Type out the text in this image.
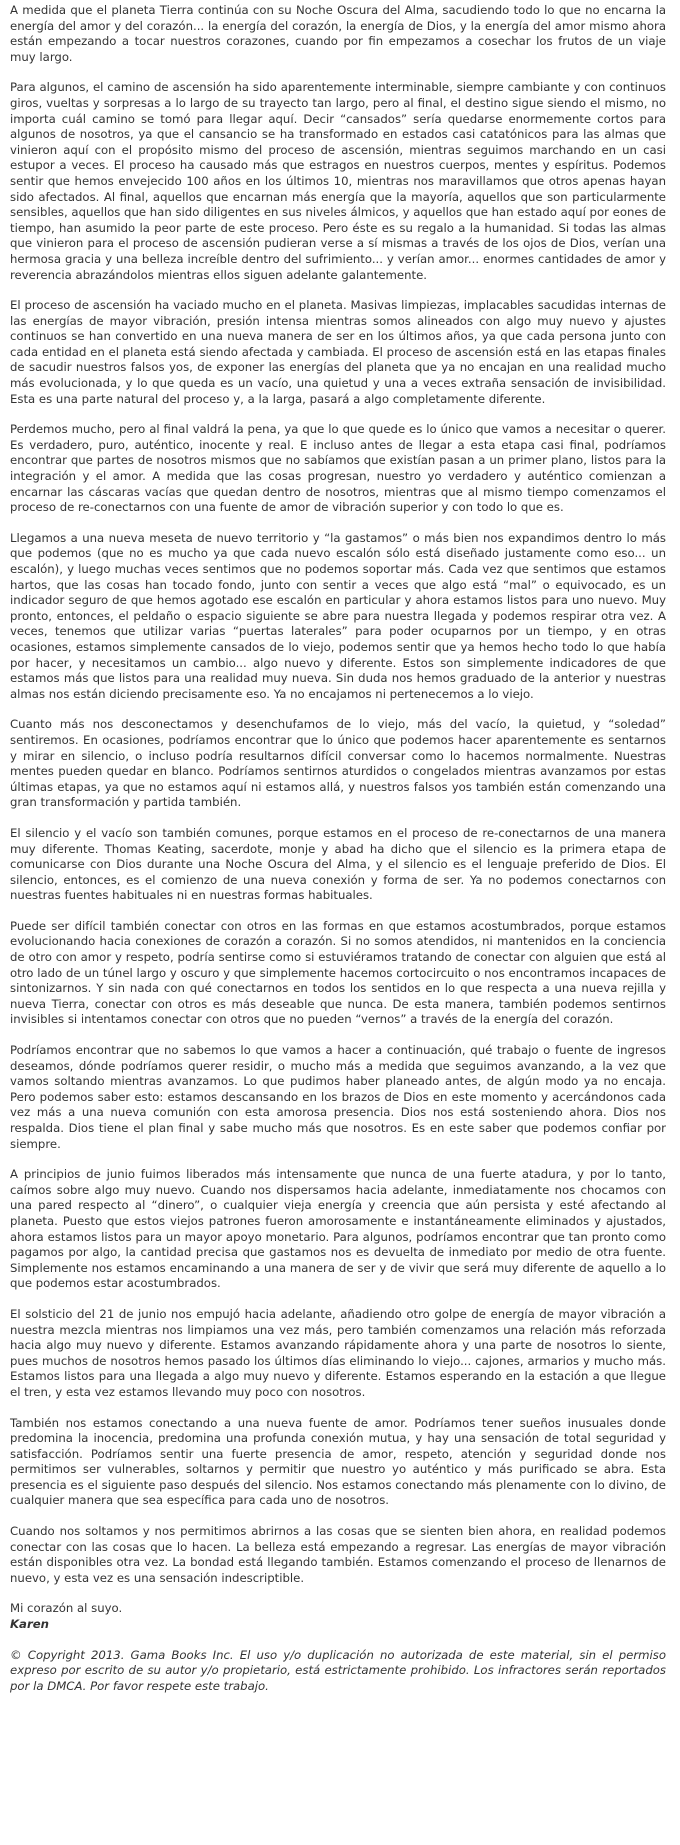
A medida que el planeta Tierra continúa con su Noche Oscura del Alma, sacudiendo todo lo que no encarna la energía del amor y del corazón... la energía del corazón, la energía de Dios, y la energía del amor mismo ahora están empezando a tocar nuestros corazones, cuando por fin empezamos a cosechar los frutos de un viaje muy largo.

Para algunos, el camino de ascensión ha sido aparentemente interminable, siempre cambiante y con continuos giros, vueltas y sorpresas a lo largo de su trayecto tan largo, pero al final, el destino sigue siendo el mismo, no importa cuál camino se tomó para llegar aquí. Decir “cansados” sería quedarse enormemente cortos para algunos de nosotros, ya que el cansancio se ha transformado en estados casi catatónicos para las almas que vinieron aquí con el propósito mismo del proceso de ascensión, mientras seguimos marchando en un casi estupor a veces. El proceso ha causado más que estragos en nuestros cuerpos, mentes y espíritus. Podemos sentir que hemos envejecido 100 años en los últimos 10, mientras nos maravillamos que otros apenas hayan sido afectados. Al final, aquellos que encarnan más energía que la mayoría, aquellos que son particularmente sensibles, aquellos que han sido diligentes en sus niveles álmicos, y aquellos que han estado aquí por eones de tiempo, han asumido la peor parte de este proceso. Pero éste es su regalo a la humanidad. Si todas las almas que vinieron para el proceso de ascensión pudieran verse a sí mismas a través de los ojos de Dios, verían una hermosa gracia y una belleza increíble dentro del sufrimiento... y verían amor... enormes cantidades de amor y reverencia abrazándolos mientras ellos siguen adelante galantemente.

El proceso de ascensión ha vaciado mucho en el planeta. Masivas limpiezas, implacables sacudidas internas de las energías de mayor vibración, presión intensa mientras somos alineados con algo muy nuevo y ajustes continuos se han convertido en una nueva manera de ser en los últimos años, ya que cada persona junto con cada entidad en el planeta está siendo afectada y cambiada. El proceso de ascensión está en las etapas finales de sacudir nuestros falsos yos, de exponer las energías del planeta que ya no encajan en una realidad mucho más evolucionada, y lo que queda es un vacío, una quietud y una a veces extraña sensación de invisibilidad. Esta es una parte natural del proceso y, a la larga, pasará a algo completamente diferente.

Perdemos mucho, pero al final valdrá la pena, ya que lo que quede es lo único que vamos a necesitar o querer. Es verdadero, puro, auténtico, inocente y real. E incluso antes de llegar a esta etapa casi final, podríamos encontrar que partes de nosotros mismos que no sabíamos que existían pasan a un primer plano, listos para la integración y el amor. A medida que las cosas progresan, nuestro yo verdadero y auténtico comienzan a encarnar las cáscaras vacías que quedan dentro de nosotros, mientras que al mismo tiempo comenzamos el proceso de re-conectarnos con una fuente de amor de vibración superior y con todo lo que es.

Llegamos a una nueva meseta de nuevo territorio y “la gastamos” o más bien nos expandimos dentro lo más que podemos (que no es mucho ya que cada nuevo escalón sólo está diseñado justamente como eso... un escalón), y luego muchas veces sentimos que no podemos soportar más. Cada vez que sentimos que estamos hartos, que las cosas han tocado fondo, junto con sentir a veces que algo está “mal” o equivocado, es un indicador seguro de que hemos agotado ese escalón en particular y ahora estamos listos para uno nuevo. Muy pronto, entonces, el peldaño o espacio siguiente se abre para nuestra llegada y podemos respirar otra vez. A veces, tenemos que utilizar varias “puertas laterales” para poder ocuparnos por un tiempo, y en otras ocasiones, estamos simplemente cansados de lo viejo, podemos sentir que ya hemos hecho todo lo que había por hacer, y necesitamos un cambio... algo nuevo y diferente. Estos son simplemente indicadores de que estamos más que listos para una realidad muy nueva. Sin duda nos hemos graduado de la anterior y nuestras almas nos están diciendo precisamente eso. Ya no encajamos ni pertenecemos a lo viejo.

Cuanto más nos desconectamos y desenchufamos de lo viejo, más del vacío, la quietud, y “soledad” sentiremos. En ocasiones, podríamos encontrar que lo único que podemos hacer aparentemente es sentarnos y mirar en silencio, o incluso podría resultarnos difícil conversar como lo hacemos normalmente. Nuestras mentes pueden quedar en blanco. Podríamos sentirnos aturdidos o congelados mientras avanzamos por estas últimas etapas, ya que no estamos aquí ni estamos allá, y nuestros falsos yos también están comenzando una gran transformación y partida también.

El silencio y el vacío son también comunes, porque estamos en el proceso de re-conectarnos de una manera muy diferente. Thomas Keating, sacerdote, monje y abad ha dicho que el silencio es la primera etapa de comunicarse con Dios durante una Noche Oscura del Alma, y el silencio es el lenguaje preferido de Dios. El silencio, entonces, es el comienzo de una nueva conexión y forma de ser. Ya no podemos conectarnos con nuestras fuentes habituales ni en nuestras formas habituales.

Puede ser difícil también conectar con otros en las formas en que estamos acostumbrados, porque estamos evolucionando hacia conexiones de corazón a corazón. Si no somos atendidos, ni mantenidos en la conciencia de otro con amor y respeto, podría sentirse como si estuviéramos tratando de conectar con alguien que está al otro lado de un túnel largo y oscuro y que simplemente hacemos cortocircuito o nos encontramos incapaces de sintonizarnos. Y sin nada con qué conectarnos en todos los sentidos en lo que respecta a una nueva rejilla y nueva Tierra, conectar con otros es más deseable que nunca. De esta manera, también podemos sentirnos invisibles si intentamos conectar con otros que no pueden “vernos” a través de la energía del corazón.

Podríamos encontrar que no sabemos lo que vamos a hacer a continuación, qué trabajo o fuente de ingresos deseamos, dónde podríamos querer residir, o mucho más a medida que seguimos avanzando, a la vez que vamos soltando mientras avanzamos. Lo que pudimos haber planeado antes, de algún modo ya no encaja. Pero podemos saber esto: estamos descansando en los brazos de Dios en este momento y acercándonos cada vez más a una nueva comunión con esta amorosa presencia. Dios nos está sosteniendo ahora. Dios nos respalda. Dios tiene el plan final y sabe mucho más que nosotros. Es en este saber que podemos confiar por siempre.

A principios de junio fuimos liberados más intensamente que nunca de una fuerte atadura, y por lo tanto, caímos sobre algo muy nuevo. Cuando nos dispersamos hacia adelante, inmediatamente nos chocamos con una pared respecto al “dinero”, o cualquier vieja energía y creencia que aún persista y esté afectando al planeta. Puesto que estos viejos patrones fueron amorosamente e instantáneamente eliminados y ajustados, ahora estamos listos para un mayor apoyo monetario. Para algunos, podríamos encontrar que tan pronto como pagamos por algo, la cantidad precisa que gastamos nos es devuelta de inmediato por medio de otra fuente. Simplemente nos estamos encaminando a una manera de ser y de vivir que será muy diferente de aquello a lo que podemos estar acostumbrados.

El solsticio del 21 de junio nos empujó hacia adelante, añadiendo otro golpe de energía de mayor vibración a nuestra mezcla mientras nos limpiamos una vez más, pero también comenzamos una relación más reforzada hacia algo muy nuevo y diferente. Estamos avanzando rápidamente ahora y una parte de nosotros lo siente, pues muchos de nosotros hemos pasado los últimos días eliminando lo viejo... cajones, armarios y mucho más. Estamos listos para una llegada a algo muy nuevo y diferente. Estamos esperando en la estación a que llegue el tren, y esta vez estamos llevando muy poco con nosotros.

También nos estamos conectando a una nueva fuente de amor. Podríamos tener sueños inusuales donde predomina la inocencia, predomina una profunda conexión mutua, y hay una sensación de total seguridad y satisfacción. Podríamos sentir una fuerte presencia de amor, respeto, atención y seguridad donde nos permitimos ser vulnerables, soltarnos y permitir que nuestro yo auténtico y más purificado se abra. Esta presencia es el siguiente paso después del silencio. Nos estamos conectando más plenamente con lo divino, de cualquier manera que sea específica para cada uno de nosotros.

Cuando nos soltamos y nos permitimos abrirnos a las cosas que se sienten bien ahora, en realidad podemos conectar con las cosas que lo hacen. La belleza está empezando a regresar. Las energías de mayor vibración están disponibles otra vez. La bondad está llegando también. Estamos comenzando el proceso de llenarnos de nuevo, y esta vez es una sensación indescriptible.

Mi corazón al suyo.
Karen

© Copyright 2013. Gama Books Inc. El uso y/o duplicación no autorizada de este material, sin el permiso expreso por escrito de su autor y/o propietario, está estrictamente prohibido. Los infractores serán reportados por la DMCA. Por favor respete este trabajo.
